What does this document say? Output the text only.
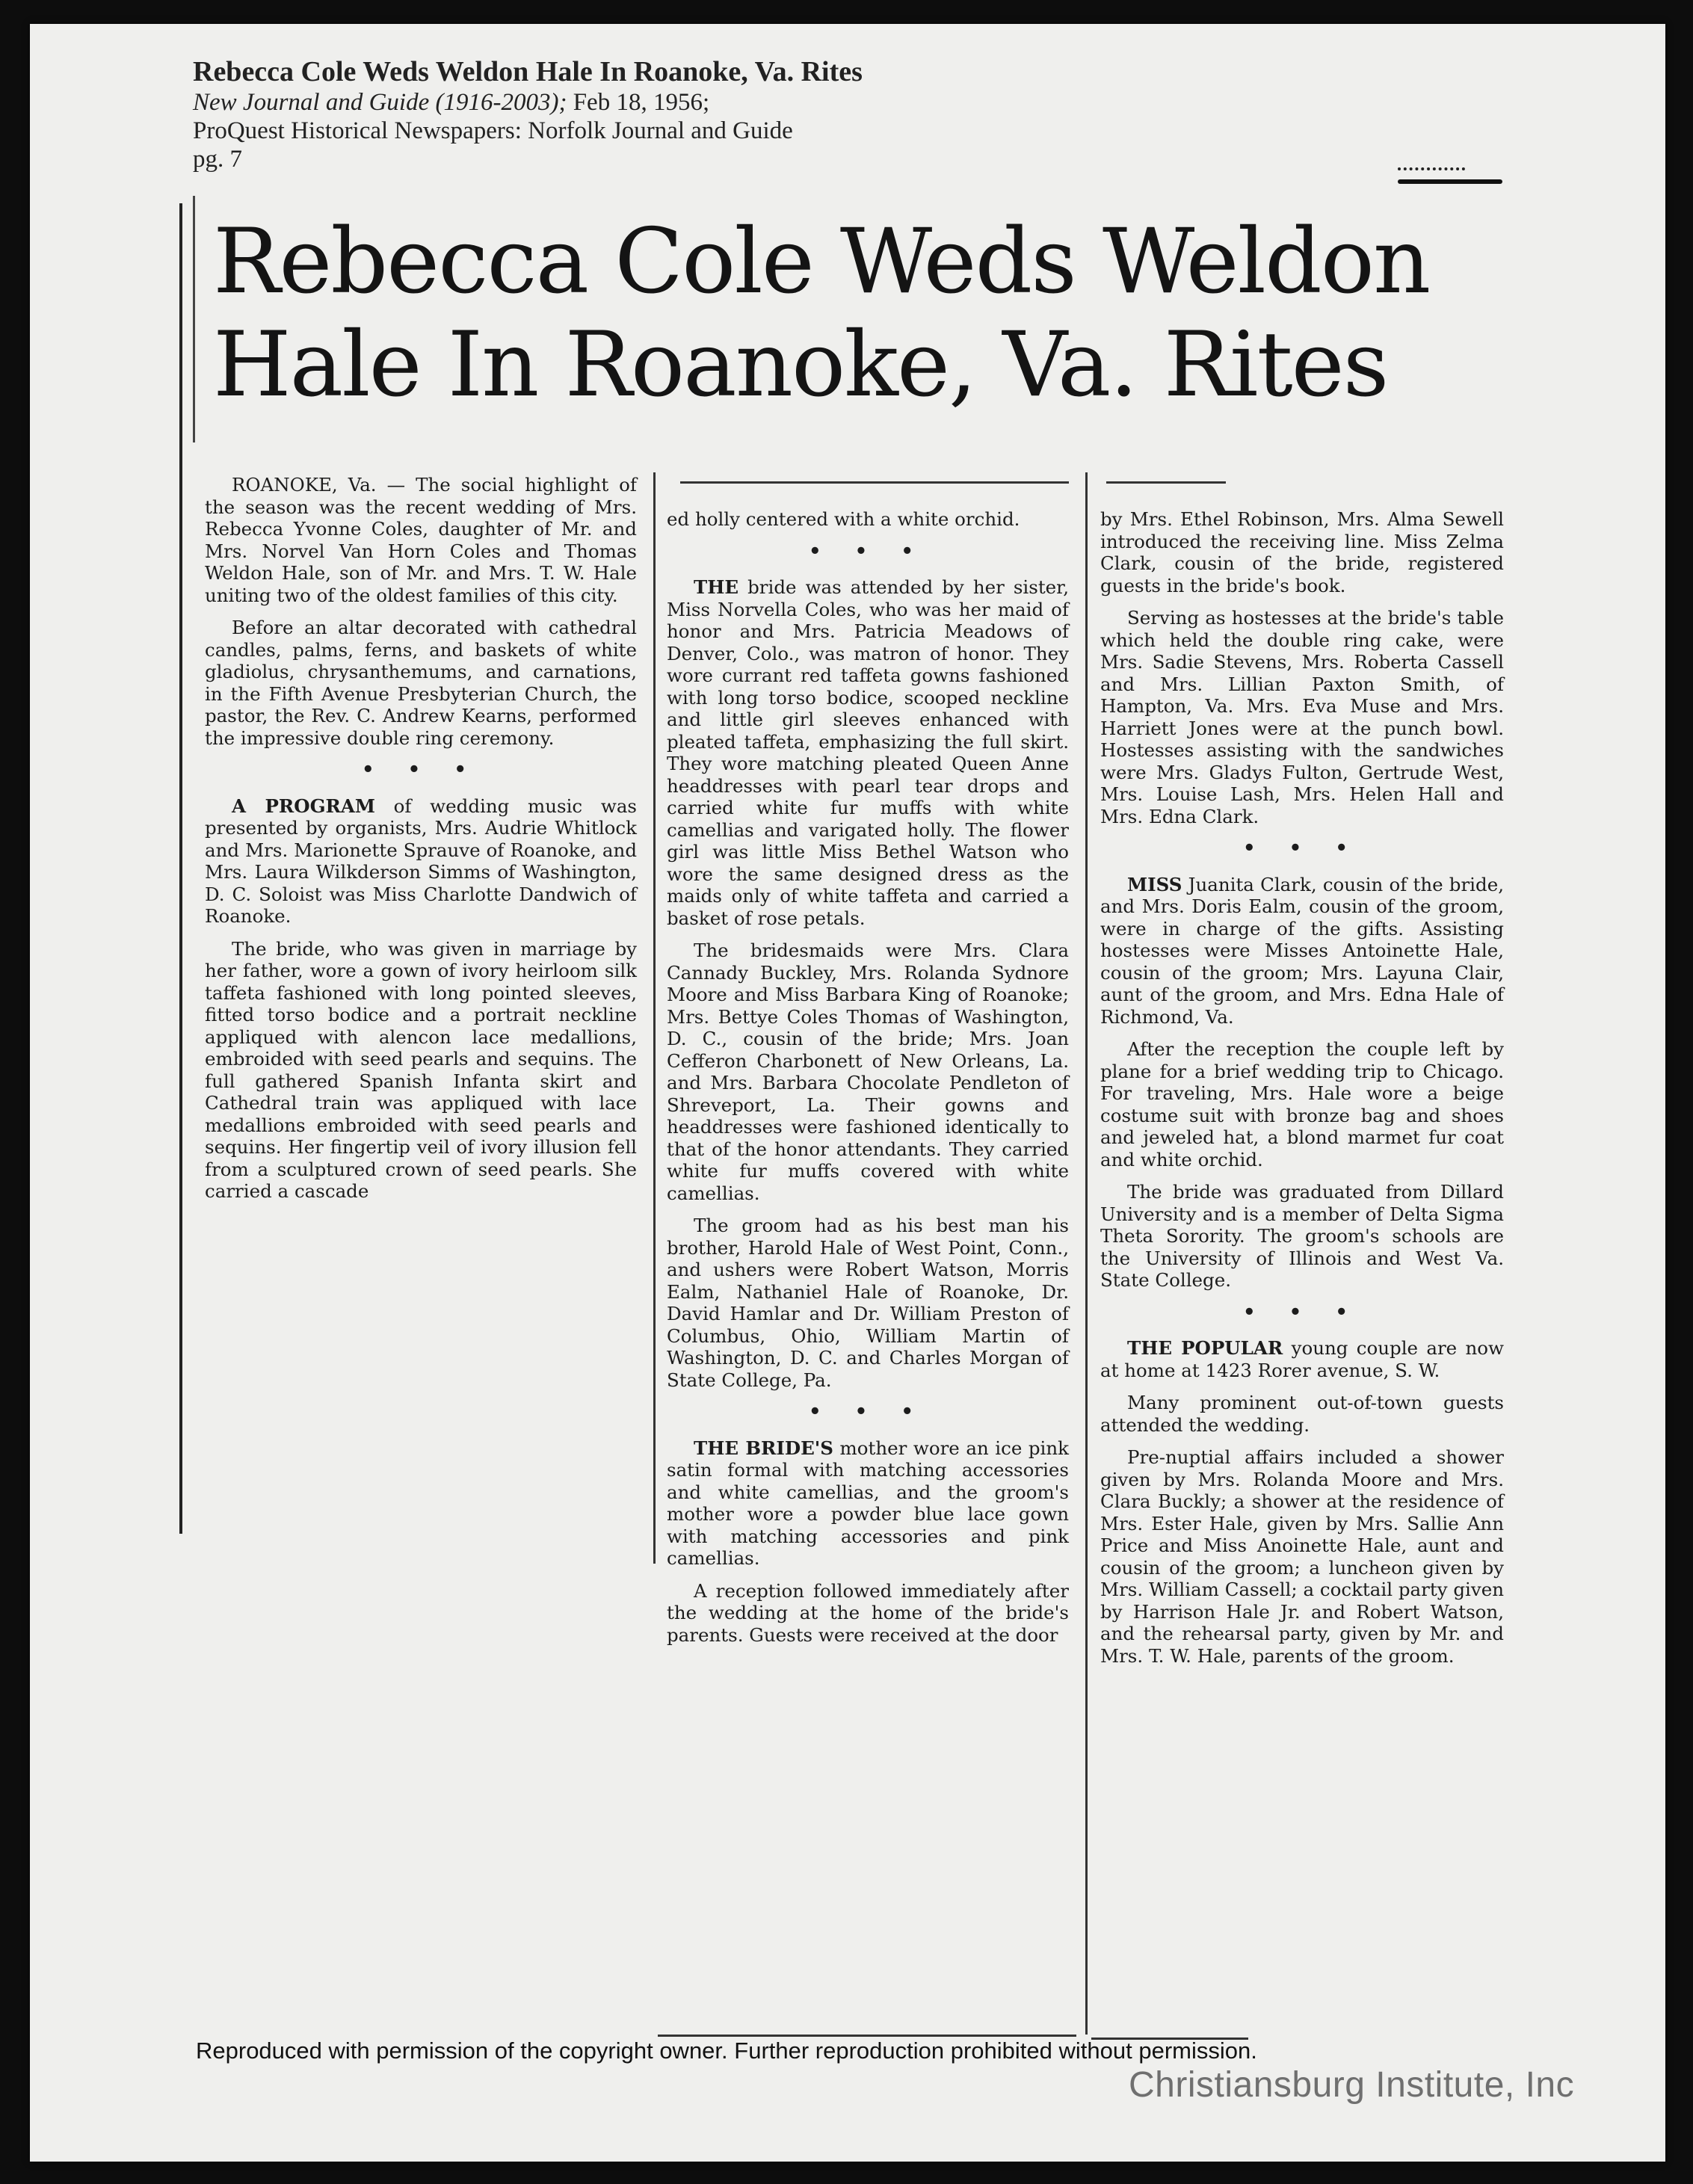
Rebecca Cole Weds Weldon Hale In Roanoke, Va. Rites
New Journal and Guide (1916-2003); Feb 18, 1956;
ProQuest Historical Newspapers: Norfolk Journal and Guide
pg. 7
Rebecca Cole Weds Weldon
Hale In Roanoke, Va. Rites

ROANOKE, Va. — The social highlight of the season was the recent wedding of Mrs. Rebecca Yvonne Coles, daughter of Mr. and Mrs. Norvel Van Horn Coles and Thomas Weldon Hale, son of Mr. and Mrs. T. W. Hale uniting two of the oldest families of this city.

Before an altar decorated with cathedral candles, palms, ferns, and baskets of white gladiolus, chrysanthemums, and carnations, in the Fifth Avenue Presbyterian Church, the pastor, the Rev. C. Andrew Kearns, performed the impressive double ring ceremony.

• • •

A PROGRAM of wedding music was presented by organists, Mrs. Audrie Whitlock and Mrs. Marionette Sprauve of Roanoke, and Mrs. Laura Wilkderson Simms of Washington, D. C. Soloist was Miss Charlotte Dandwich of Roanoke.

The bride, who was given in marriage by her father, wore a gown of ivory heirloom silk taffeta fashioned with long pointed sleeves, fitted torso bodice and a portrait neckline appliqued with alencon lace medallions, embroided with seed pearls and sequins. The full gathered Spanish Infanta skirt and Cathedral train was appliqued with lace medallions embroided with seed pearls and sequins. Her fingertip veil of ivory illusion fell from a sculptured crown of seed pearls. She carried a cascade

ed holly centered with a white orchid.

• • •

THE bride was attended by her sister, Miss Norvella Coles, who was her maid of honor and Mrs. Patricia Meadows of Denver, Colo., was matron of honor. They wore currant red taffeta gowns fashioned with long torso bodice, scooped neckline and little girl sleeves enhanced with pleated taffeta, emphasizing the full skirt. They wore matching pleated Queen Anne headdresses with pearl tear drops and carried white fur muffs with white camellias and varigated holly. The flower girl was little Miss Bethel Watson who wore the same designed dress as the maids only of white taffeta and carried a basket of rose petals.

The bridesmaids were Mrs. Clara Cannady Buckley, Mrs. Rolanda Sydnore Moore and Miss Barbara King of Roanoke; Mrs. Bettye Coles Thomas of Washington, D. C., cousin of the bride; Mrs. Joan Cefferon Charbonett of New Orleans, La. and Mrs. Barbara Chocolate Pendleton of Shreveport, La. Their gowns and headdresses were fashioned identically to that of the honor attendants. They carried white fur muffs covered with white camellias.

The groom had as his best man his brother, Harold Hale of West Point, Conn., and ushers were Robert Watson, Morris Ealm, Nathaniel Hale of Roanoke, Dr. David Hamlar and Dr. William Preston of Columbus, Ohio, William Martin of Washington, D. C. and Charles Morgan of State College, Pa.

• • •

THE BRIDE'S mother wore an ice pink satin formal with matching accessories and white camellias, and the groom's mother wore a powder blue lace gown with matching accessories and pink camellias.

A reception followed immediately after the wedding at the home of the bride's parents. Guests were received at the door

by Mrs. Ethel Robinson, Mrs. Alma Sewell introduced the receiving line. Miss Zelma Clark, cousin of the bride, registered guests in the bride's book.

Serving as hostesses at the bride's table which held the double ring cake, were Mrs. Sadie Stevens, Mrs. Roberta Cassell and Mrs. Lillian Paxton Smith, of Hampton, Va. Mrs. Eva Muse and Mrs. Harriett Jones were at the punch bowl. Hostesses assisting with the sandwiches were Mrs. Gladys Fulton, Gertrude West, Mrs. Louise Lash, Mrs. Helen Hall and Mrs. Edna Clark.

• • •

MISS Juanita Clark, cousin of the bride, and Mrs. Doris Ealm, cousin of the groom, were in charge of the gifts. Assisting hostesses were Misses Antoinette Hale, cousin of the groom; Mrs. Layuna Clair, aunt of the groom, and Mrs. Edna Hale of Richmond, Va.

After the reception the couple left by plane for a brief wedding trip to Chicago. For traveling, Mrs. Hale wore a beige costume suit with bronze bag and shoes and jeweled hat, a blond marmet fur coat and white orchid.

The bride was graduated from Dillard University and is a member of Delta Sigma Theta Sorority. The groom's schools are the University of Illinois and West Va. State College.

• • •

THE POPULAR young couple are now at home at 1423 Rorer avenue, S. W.

Many prominent out-of-town guests attended the wedding.

Pre-nuptial affairs included a shower given by Mrs. Rolanda Moore and Mrs. Clara Buckly; a shower at the residence of Mrs. Ester Hale, given by Mrs. Sallie Ann Price and Miss Anoinette Hale, aunt and cousin of the groom; a luncheon given by Mrs. William Cassell; a cocktail party given by Harrison Hale Jr. and Robert Watson, and the rehearsal party, given by Mr. and Mrs. T. W. Hale, parents of the groom.

Reproduced with permission of the copyright owner. Further reproduction prohibited without permission.
Christiansburg Institute, Inc
